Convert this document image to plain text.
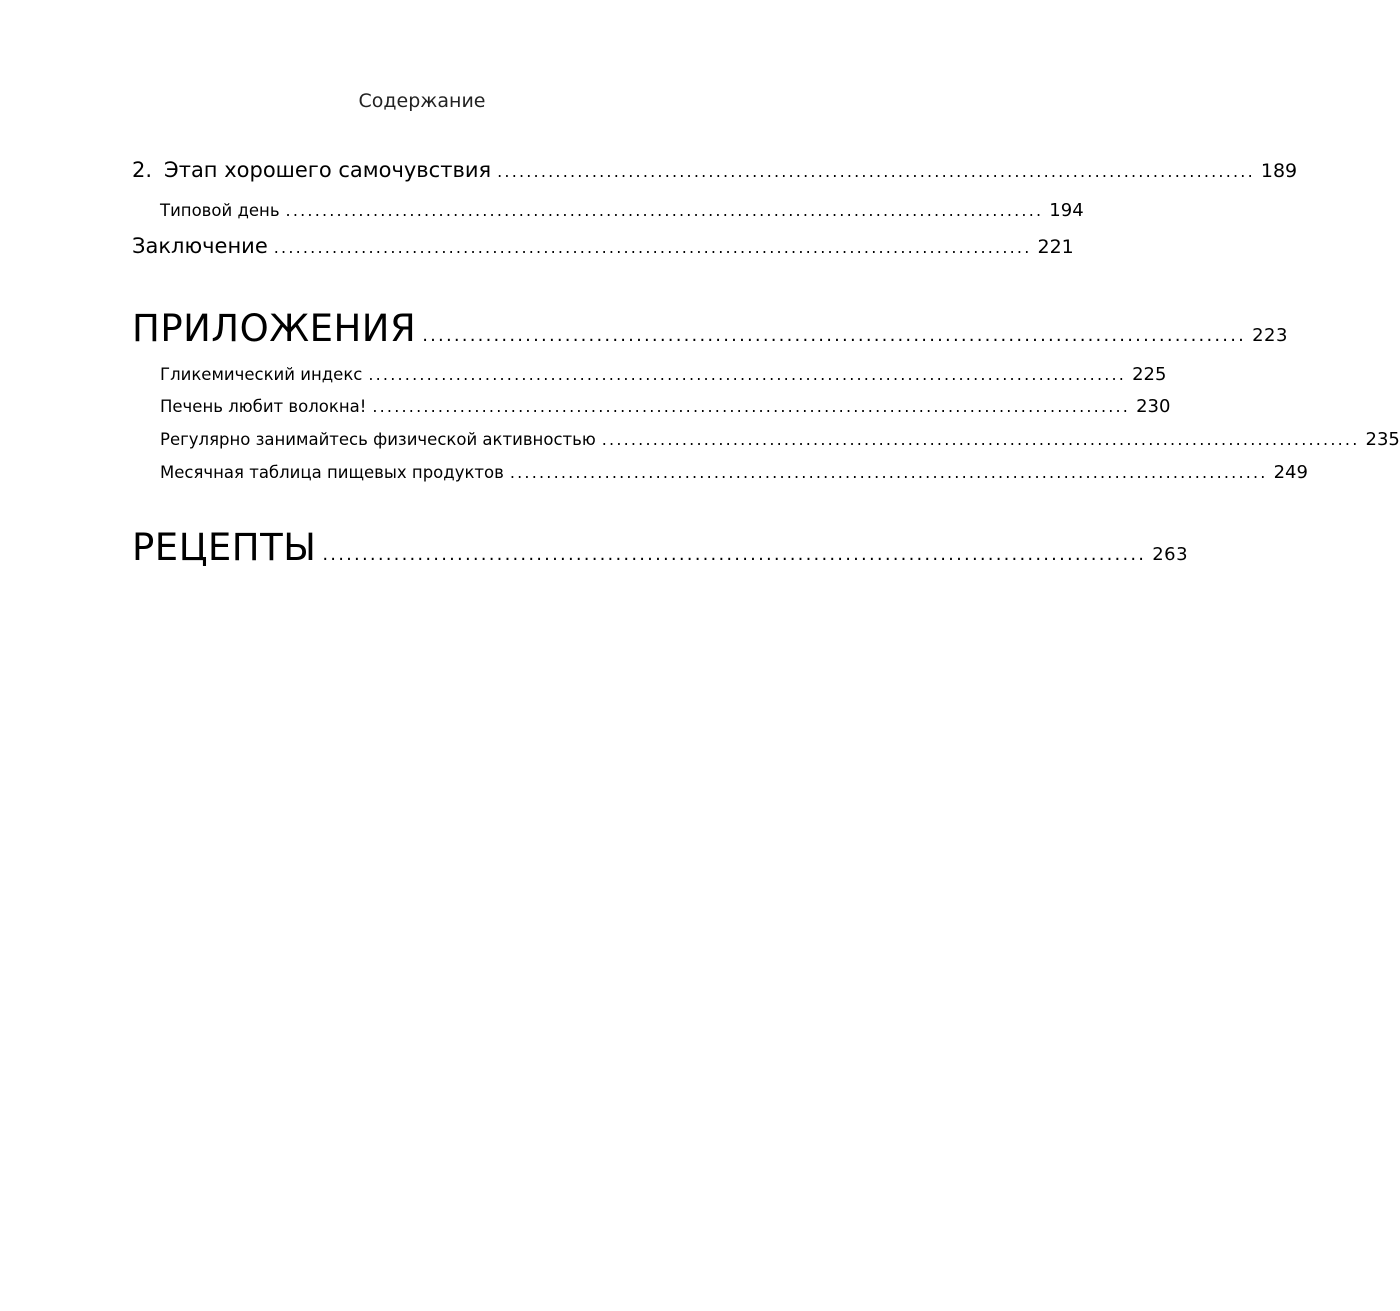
Содержание
2. Этап хорошего самочувствия ........................................................................................................ 189
Типовой день ........................................................................................................ 194
Заключение ........................................................................................................ 221
ПРИЛОЖЕНИЯ ........................................................................................................ 223
Гликемический индекс ........................................................................................................ 225
Печень любит волокна! ........................................................................................................ 230
Регулярно занимайтесь физической активностью ........................................................................................................ 235
Месячная таблица пищевых продуктов ........................................................................................................ 249
РЕЦЕПТЫ ........................................................................................................ 263
